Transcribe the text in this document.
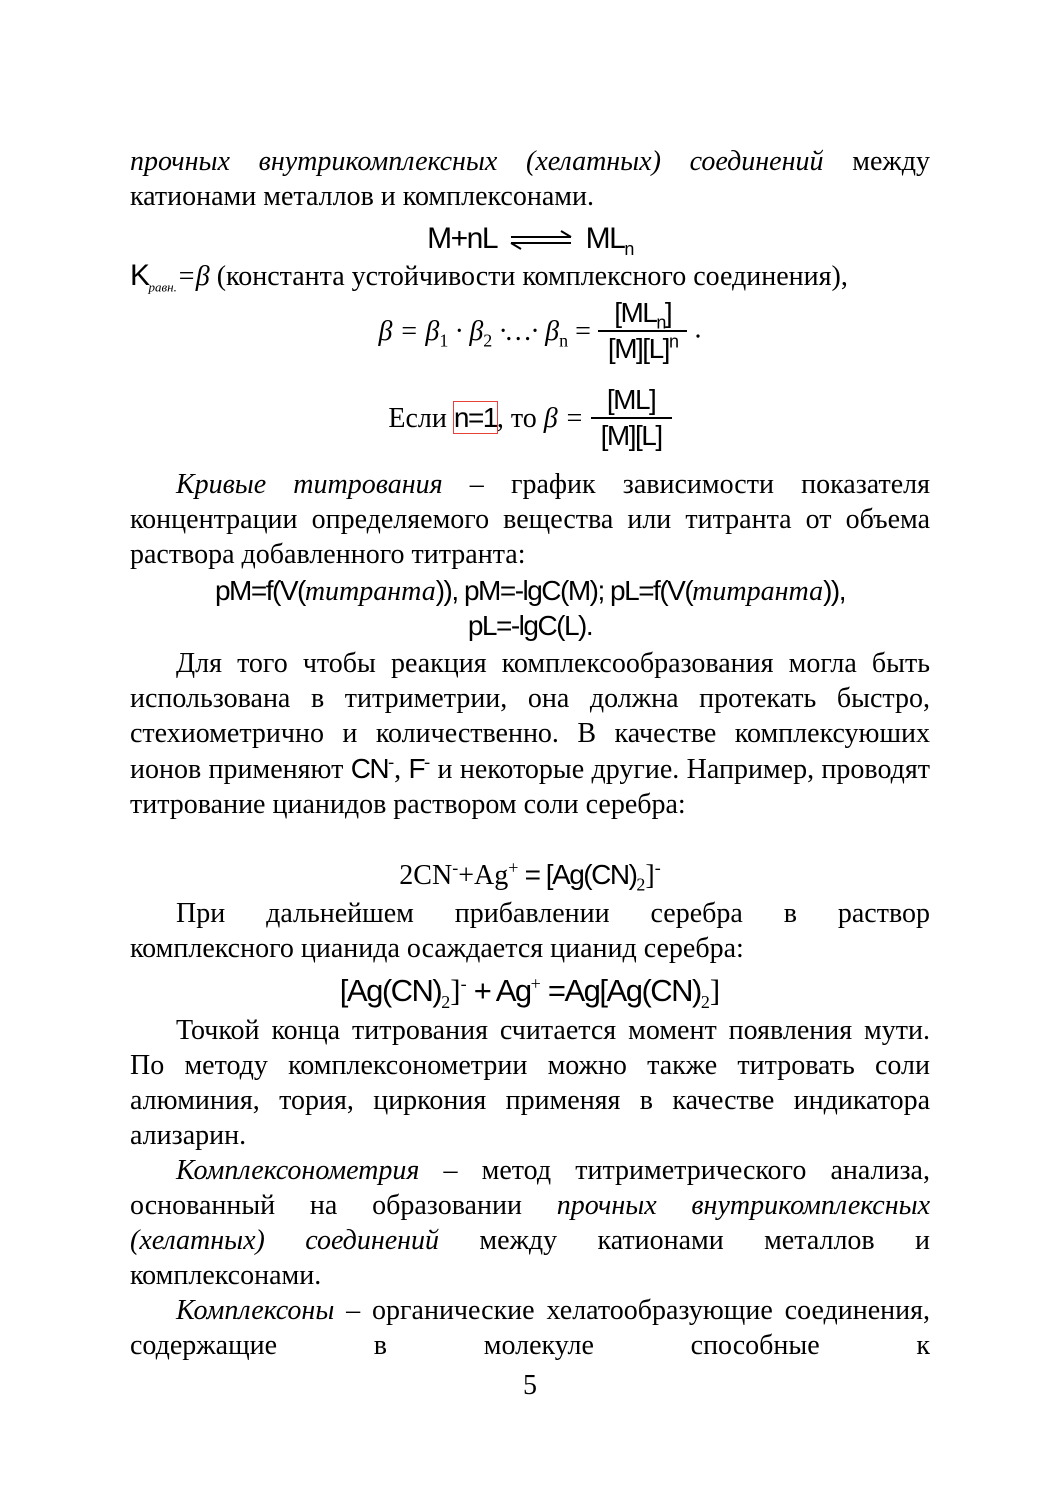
прочных внутрикомплексных (хелатных) соединений между катионами металлов и комплексонами.
M+nL ⇌ $ML_n$
$K_{равн.}=\beta$ (константа устойчивости комплексного соединения),
$\beta = \beta_1 \cdot \beta_2$ ·…· $\beta_n = \frac{[ML_n]}{[M][L]^n}$ .
Если n=1, то $\beta = \frac{[ML]}{[M][L]}$
Кривые титрования – график зависимости показателя концентрации определяемого вещества или титранта от объема раствора добавленного титранта:
pM=f(V(титранта)), pM=-lgC(M); pL=f(V(титранта)),
pL=-lgC(L).
Для того чтобы реакция комплексообразования могла быть использована в титриметрии, она должна протекать быстро, стехиометрично и количественно. В качестве комплексуюших ионов применяют CN-, F- и некоторые другие. Например, проводят титрование цианидов раствором соли серебра:
$2CN^-+Ag^+ = [Ag(CN)_2]^-$
При дальнейшем прибавлении серебра в раствор комплексного цианида осаждается цианид серебра:
$[Ag(CN)_2]^- + Ag^+ =Ag[Ag(CN)_2]$
Точкой конца титрования считается момент появления мути. По методу комплексонометрии можно также титровать соли алюминия, тория, циркония применяя в качестве индикатора ализарин.
Комплексонометрия – метод титриметрического анализа, основанный на образовании прочных внутрикомплексных (хелатных) соединений между катионами металлов и комплексонами.
Комплексоны – органические хелатообразующие соединения, содержащие в молекуле способные к
5
